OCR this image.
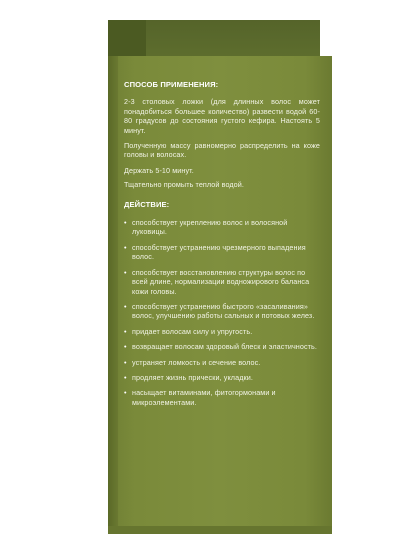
СПОСОБ ПРИМЕНЕНИЯ:

2-3 столовых ложки (для длинных волос может понадобиться большее количество) развести водой 60-80 градусов до состояния густого кефира. Настоять 5 минут.

Полученную массу равномерно распределить на коже головы и волосах.

Держать 5-10 минут.

Тщательно промыть теплой водой.

ДЕЙСТВИЕ:
• способствует укреплению волос и волосяной луковицы.
• способствует устранению чрезмерного выпадения волос.
• способствует восстановлению структуры волос по всей длине, нормализации водножирового баланса кожи головы.
• способствует устранению быстрого «засаливания» волос, улучшению работы сальных и потовых желез.
• придает волосам силу и упругость.
• возвращает волосам здоровый блеск и эластичность.
• устраняет ломкость и сечение волос.
• продляет жизнь прически, укладки.
• насыщает витаминами, фитогормонами и микроэлементами.
